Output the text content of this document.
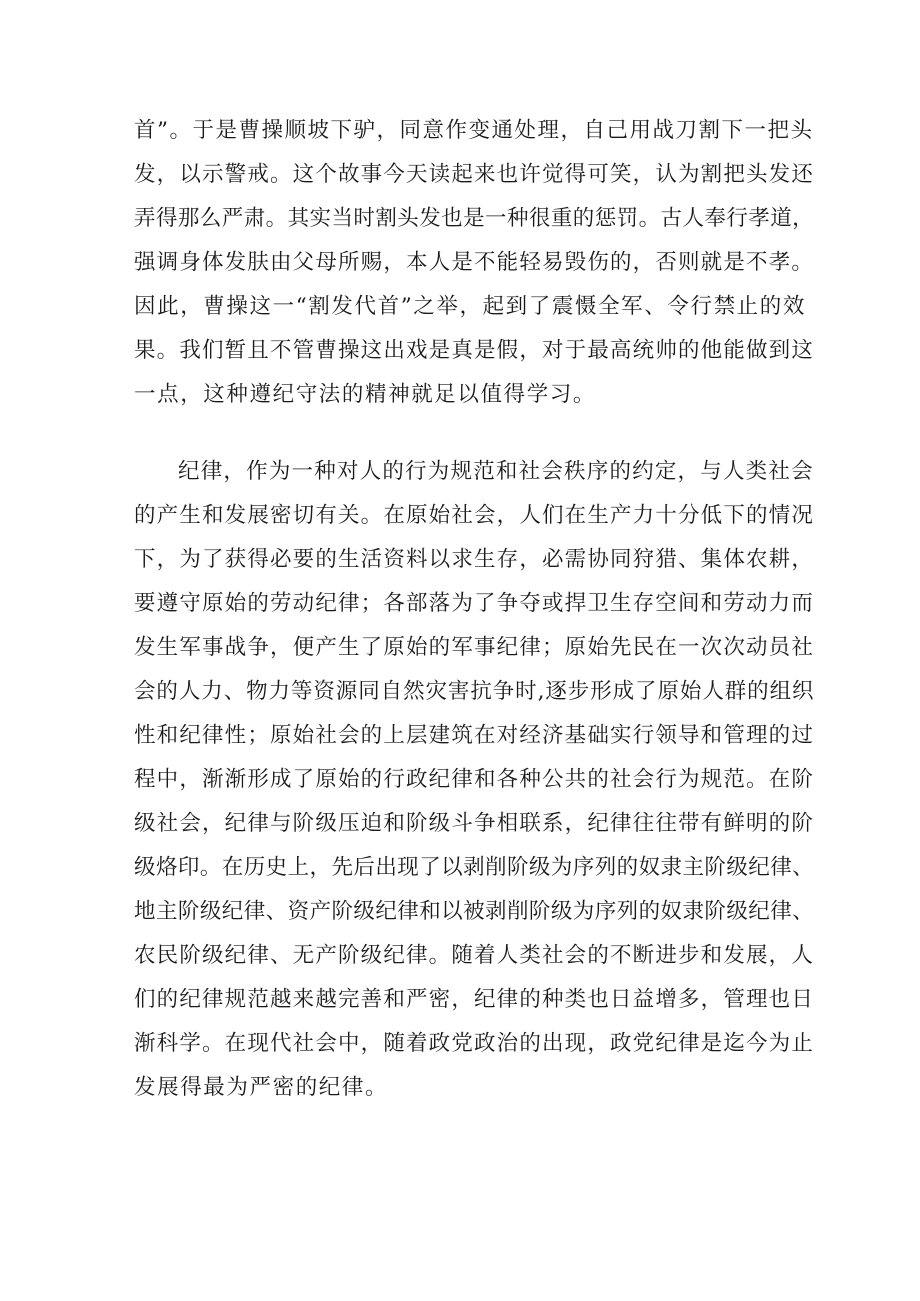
首”。于是曹操顺坡下驴，同意作变通处理，自己用战刀割下一把头
发，以示警戒。这个故事今天读起来也许觉得可笑，认为割把头发还
弄得那么严肃。其实当时割头发也是一种很重的惩罚。古人奉行孝道，
强调身体发肤由父母所赐，本人是不能轻易毁伤的，否则就是不孝。
因此，曹操这一“割发代首”之举，起到了震慑全军、令行禁止的效
果。我们暂且不管曹操这出戏是真是假，对于最高统帅的他能做到这
一点，这种遵纪守法的精神就足以值得学习。
纪律，作为一种对人的行为规范和社会秩序的约定，与人类社会
的产生和发展密切有关。在原始社会，人们在生产力十分低下的情况
下，为了获得必要的生活资料以求生存，必需协同狩猎、集体农耕，
要遵守原始的劳动纪律；各部落为了争夺或捍卫生存空间和劳动力而
发生军事战争，便产生了原始的军事纪律；原始先民在一次次动员社
会的人力、物力等资源同自然灾害抗争时,逐步形成了原始人群的组织
性和纪律性；原始社会的上层建筑在对经济基础实行领导和管理的过
程中，渐渐形成了原始的行政纪律和各种公共的社会行为规范。在阶
级社会，纪律与阶级压迫和阶级斗争相联系，纪律往往带有鲜明的阶
级烙印。在历史上，先后出现了以剥削阶级为序列的奴隶主阶级纪律、
地主阶级纪律、资产阶级纪律和以被剥削阶级为序列的奴隶阶级纪律、
农民阶级纪律、无产阶级纪律。随着人类社会的不断进步和发展，人
们的纪律规范越来越完善和严密，纪律的种类也日益增多，管理也日
渐科学。在现代社会中，随着政党政治的出现，政党纪律是迄今为止
发展得最为严密的纪律。
